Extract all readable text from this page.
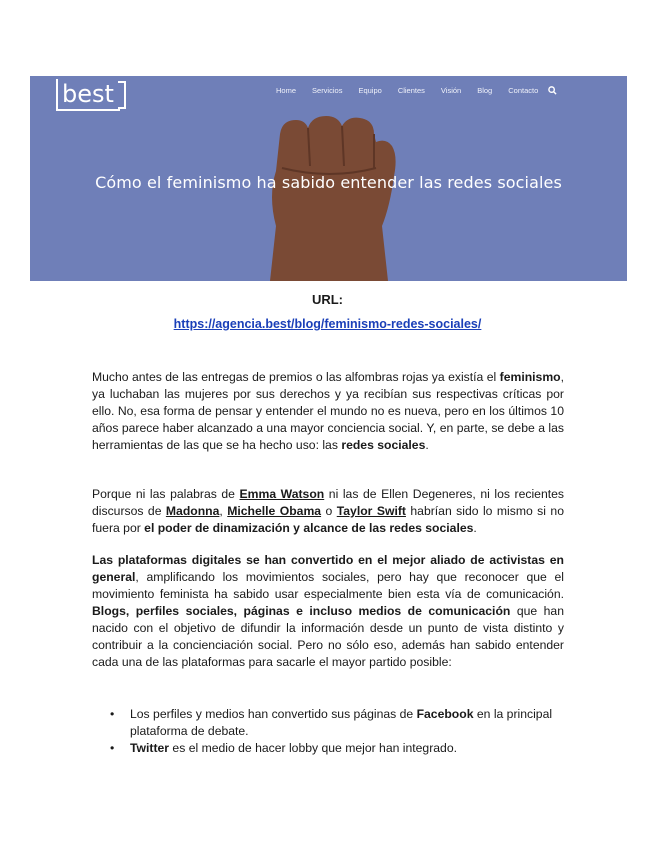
best	Home Servicios Equipo Clientes Visión Blog Contacto
Cómo el feminismo ha sabido entender las redes sociales
URL:
https://agencia.best/blog/feminismo-redes-sociales/
Mucho antes de las entregas de premios o las alfombras rojas ya existía el feminismo, ya luchaban las mujeres por sus derechos y ya recibían sus respectivas críticas por ello. No, esa forma de pensar y entender el mundo no es nueva, pero en los últimos 10 años parece haber alcanzado a una mayor conciencia social. Y, en parte, se debe a las herramientas de las que se ha hecho uso: las redes sociales.
Porque ni las palabras de Emma Watson ni las de Ellen Degeneres, ni los recientes discursos de Madonna, Michelle Obama o Taylor Swift habrían sido lo mismo si no fuera por el poder de dinamización y alcance de las redes sociales.
Las plataformas digitales se han convertido en el mejor aliado de activistas en general, amplificando los movimientos sociales, pero hay que reconocer que el movimiento feminista ha sabido usar especialmente bien esta vía de comunicación. Blogs, perfiles sociales, páginas e incluso medios de comunicación que han nacido con el objetivo de difundir la información desde un punto de vista distinto y contribuir a la concienciación social. Pero no sólo eso, además han sabido entender cada una de las plataformas para sacarle el mayor partido posible:
• Los perfiles y medios han convertido sus páginas de Facebook en la principal plataforma de debate.
• Twitter es el medio de hacer lobby que mejor han integrado.
